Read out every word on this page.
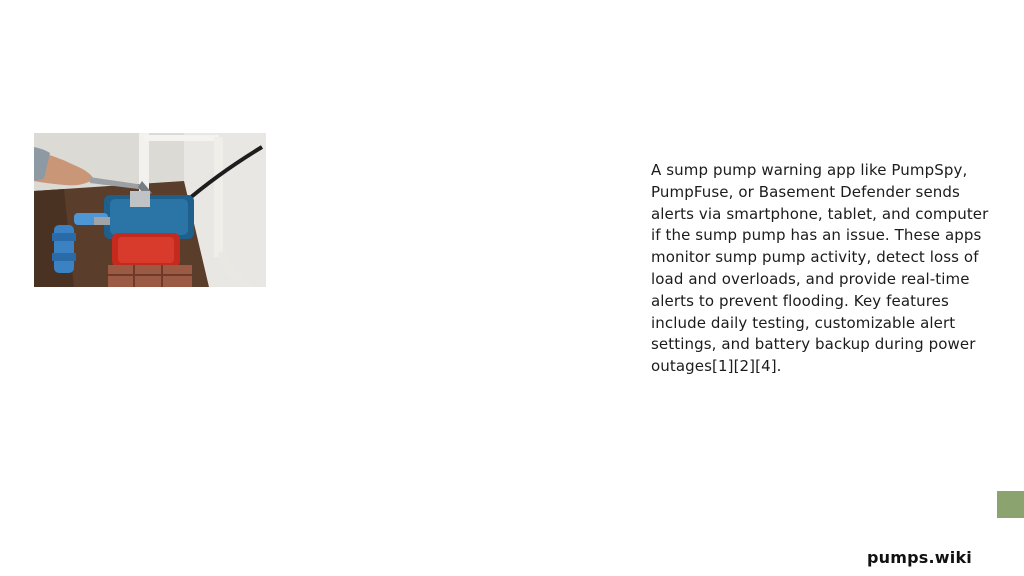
A sump pump warning app like PumpSpy, PumpFuse, or Basement Defender sends alerts via smartphone, tablet, and computer if the sump pump has an issue. These apps monitor sump pump activity, detect loss of load and overloads, and provide real-time alerts to prevent flooding. Key features include daily testing, customizable alert settings, and battery backup during power outages[1][2][4].

pumps.wiki
